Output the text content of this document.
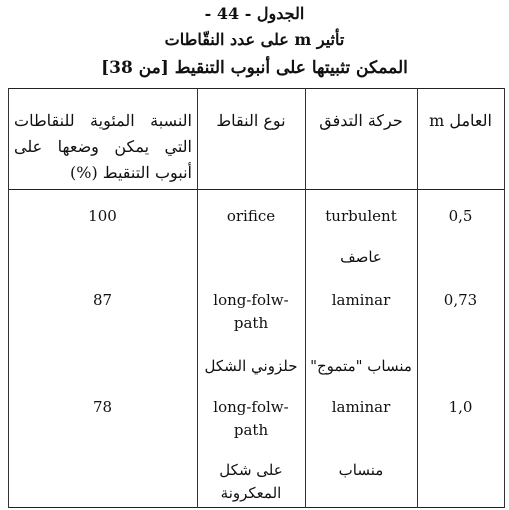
الجدول - 44 -
تأثير m على عدد النقّاطات
الممكن تثبيتها على أنبوب التنقيط [من 38]
العامل m
حركة التدفق
نوع النقاط
النسبة المئوية للنقاطات التي يمكن وضعها على أنبوب التنقيط (%)
0,5
turbulent
عاصف
orifice
100
0,73
laminar
منساب "متموج"
long-folw-
path
حلزوني الشكل
87
1,0
laminar
منساب
long-folw-
path
على شكل
المعكرونة
78
